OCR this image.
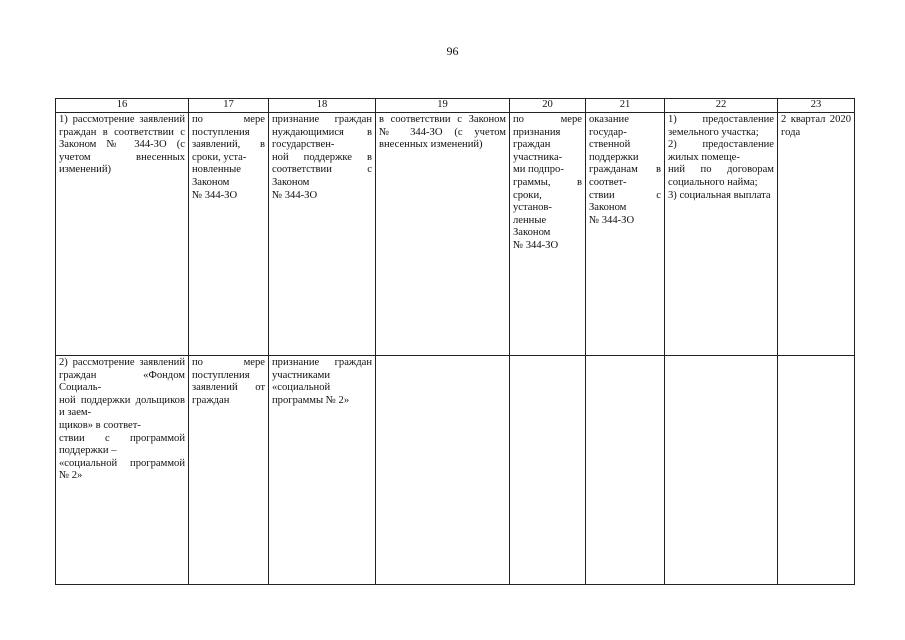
96
16	17	18	19	20	21	22	23

1) рассмотрение заявлений граждан в соответствии с Законом № 344-ЗО (с учетом внесенных изменений)	по мере поступления заявлений, в сроки, уста-
новленные Законом
№ 344-ЗО	признание граждан нуждающимися в государствен-
ной поддержке в соответствии с Законом
№ 344-ЗО	в соответствии с Законом № 344-ЗО (с учетом внесенных изменений)	по мере признания граждан участника-
ми подпро-
граммы, в сроки, установ-
ленные Законом
№ 344-ЗО	оказание государ-
ственной поддержки гражданам в соответ-
ствии с Законом
№ 344-ЗО	1) предоставление земельного участка;
2) предоставление жилых помеще-
ний по договорам социального найма;
3) социальная выплата	2 квартал 2020 года

2) рассмотрение заявлений граждан «Фондом Социаль-
ной поддержки дольщиков и заем-
щиков» в соответ-
ствии с программой поддержки –
«социальной программой № 2»	по мере поступления заявлений от граждан	признание граждан участниками «социальной программы № 2»					
